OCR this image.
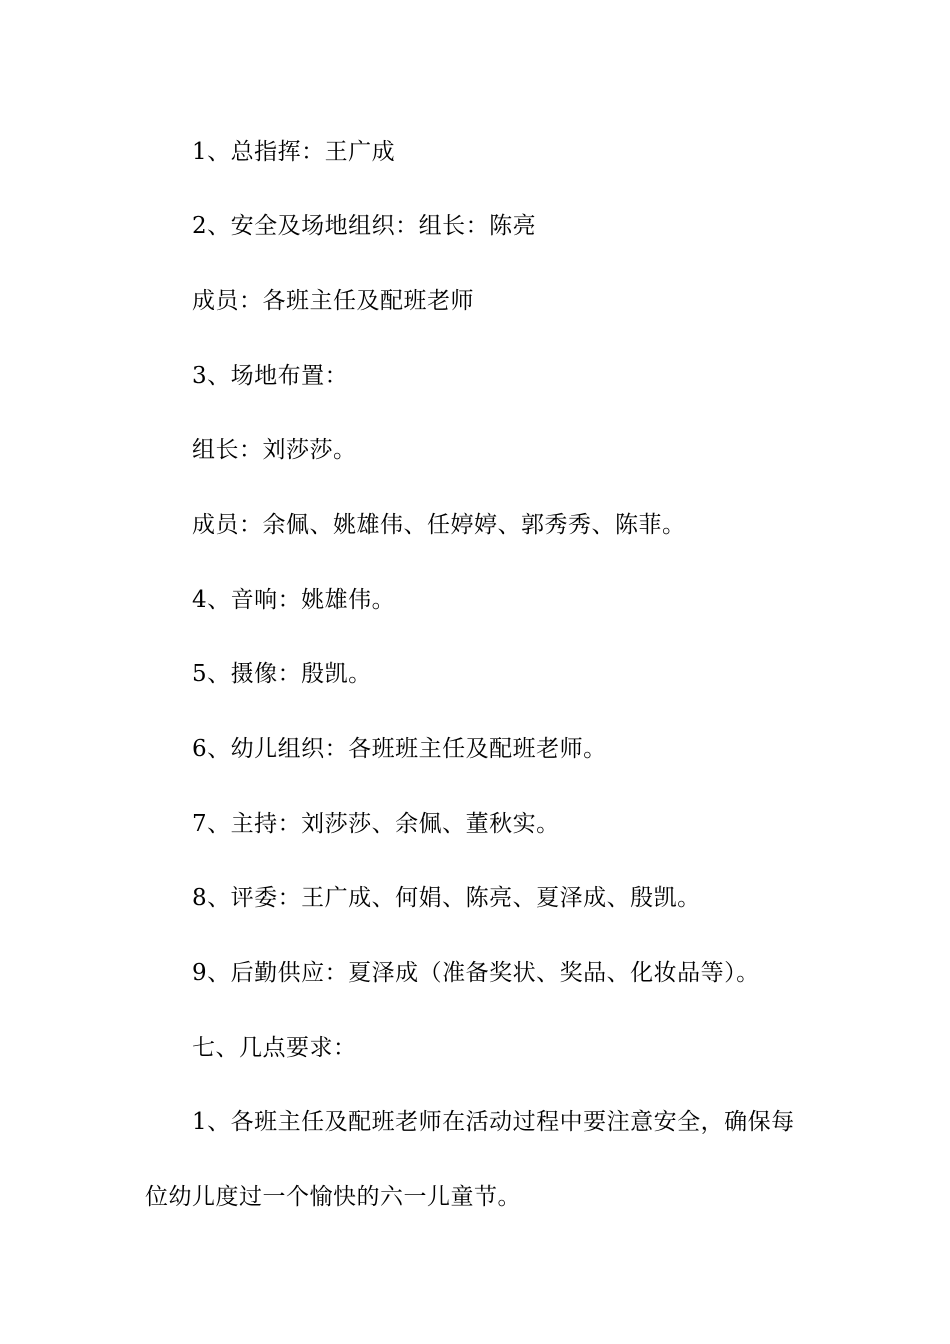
1、总指挥：王广成
2、安全及场地组织：组长：陈亮
成员：各班主任及配班老师
3、场地布置：
组长：刘莎莎。
成员：余佩、姚雄伟、任婷婷、郭秀秀、陈菲。
4、音响：姚雄伟。
5、摄像：殷凯。
6、幼儿组织：各班班主任及配班老师。
7、主持：刘莎莎、余佩、董秋实。
8、评委：王广成、何娟、陈亮、夏泽成、殷凯。
9、后勤供应：夏泽成（准备奖状、奖品、化妆品等）。
七、几点要求：
1、各班主任及配班老师在活动过程中要注意安全，确保每
位幼儿度过一个愉快的六一儿童节。
